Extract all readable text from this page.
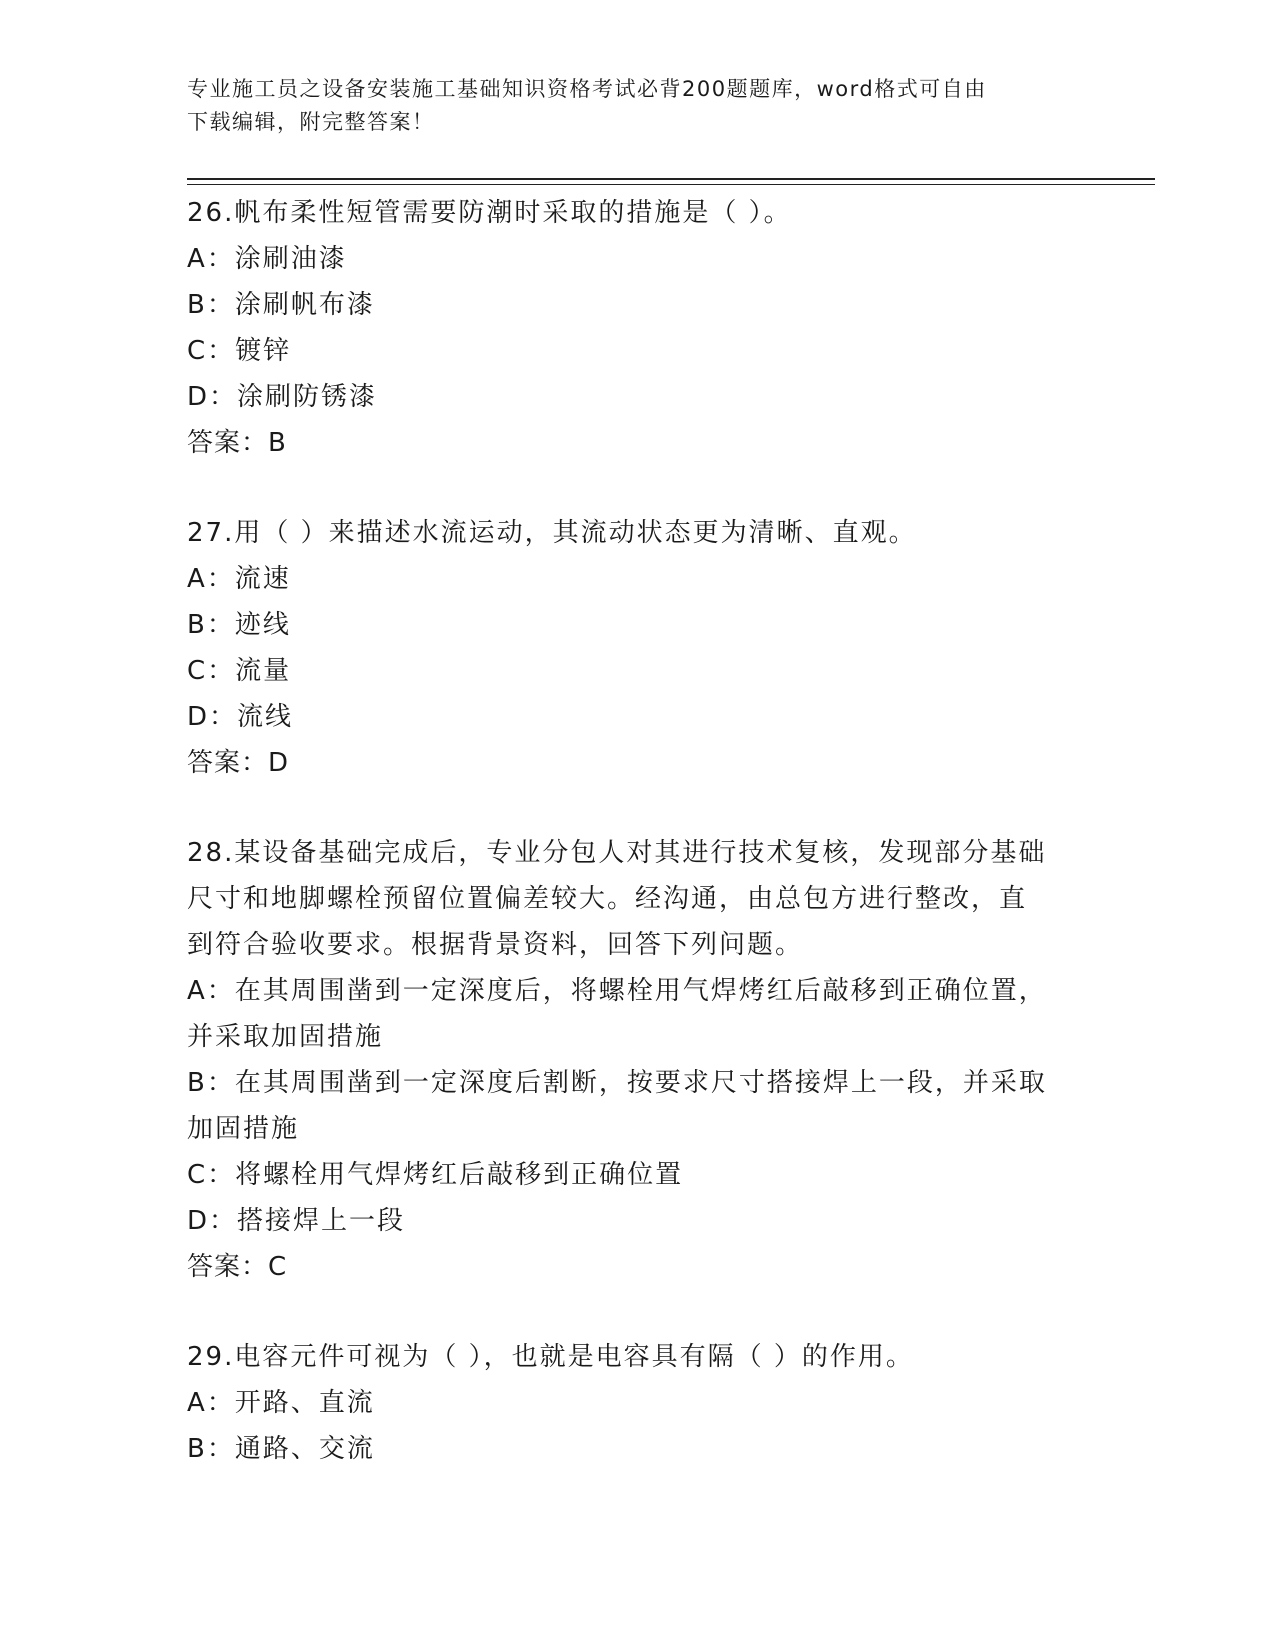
专业施工员之设备安装施工基础知识资格考试必背200题题库，word格式可自由
下载编辑，附完整答案！
26.帆布柔性短管需要防潮时采取的措施是（ ）。
A：涂刷油漆
B：涂刷帆布漆
C：镀锌
D：涂刷防锈漆
答案：B
27.用（ ）来描述水流运动，其流动状态更为清晰、直观。
A：流速
B：迹线
C：流量
D：流线
答案：D
28.某设备基础完成后，专业分包人对其进行技术复核，发现部分基础
尺寸和地脚螺栓预留位置偏差较大。经沟通，由总包方进行整改，直
到符合验收要求。根据背景资料，回答下列问题。
A：在其周围凿到一定深度后，将螺栓用气焊烤红后敲移到正确位置，
并采取加固措施
B：在其周围凿到一定深度后割断，按要求尺寸搭接焊上一段，并采取
加固措施
C：将螺栓用气焊烤红后敲移到正确位置
D：搭接焊上一段
答案：C
29.电容元件可视为（ ），也就是电容具有隔（ ）的作用。
A：开路、直流
B：通路、交流
